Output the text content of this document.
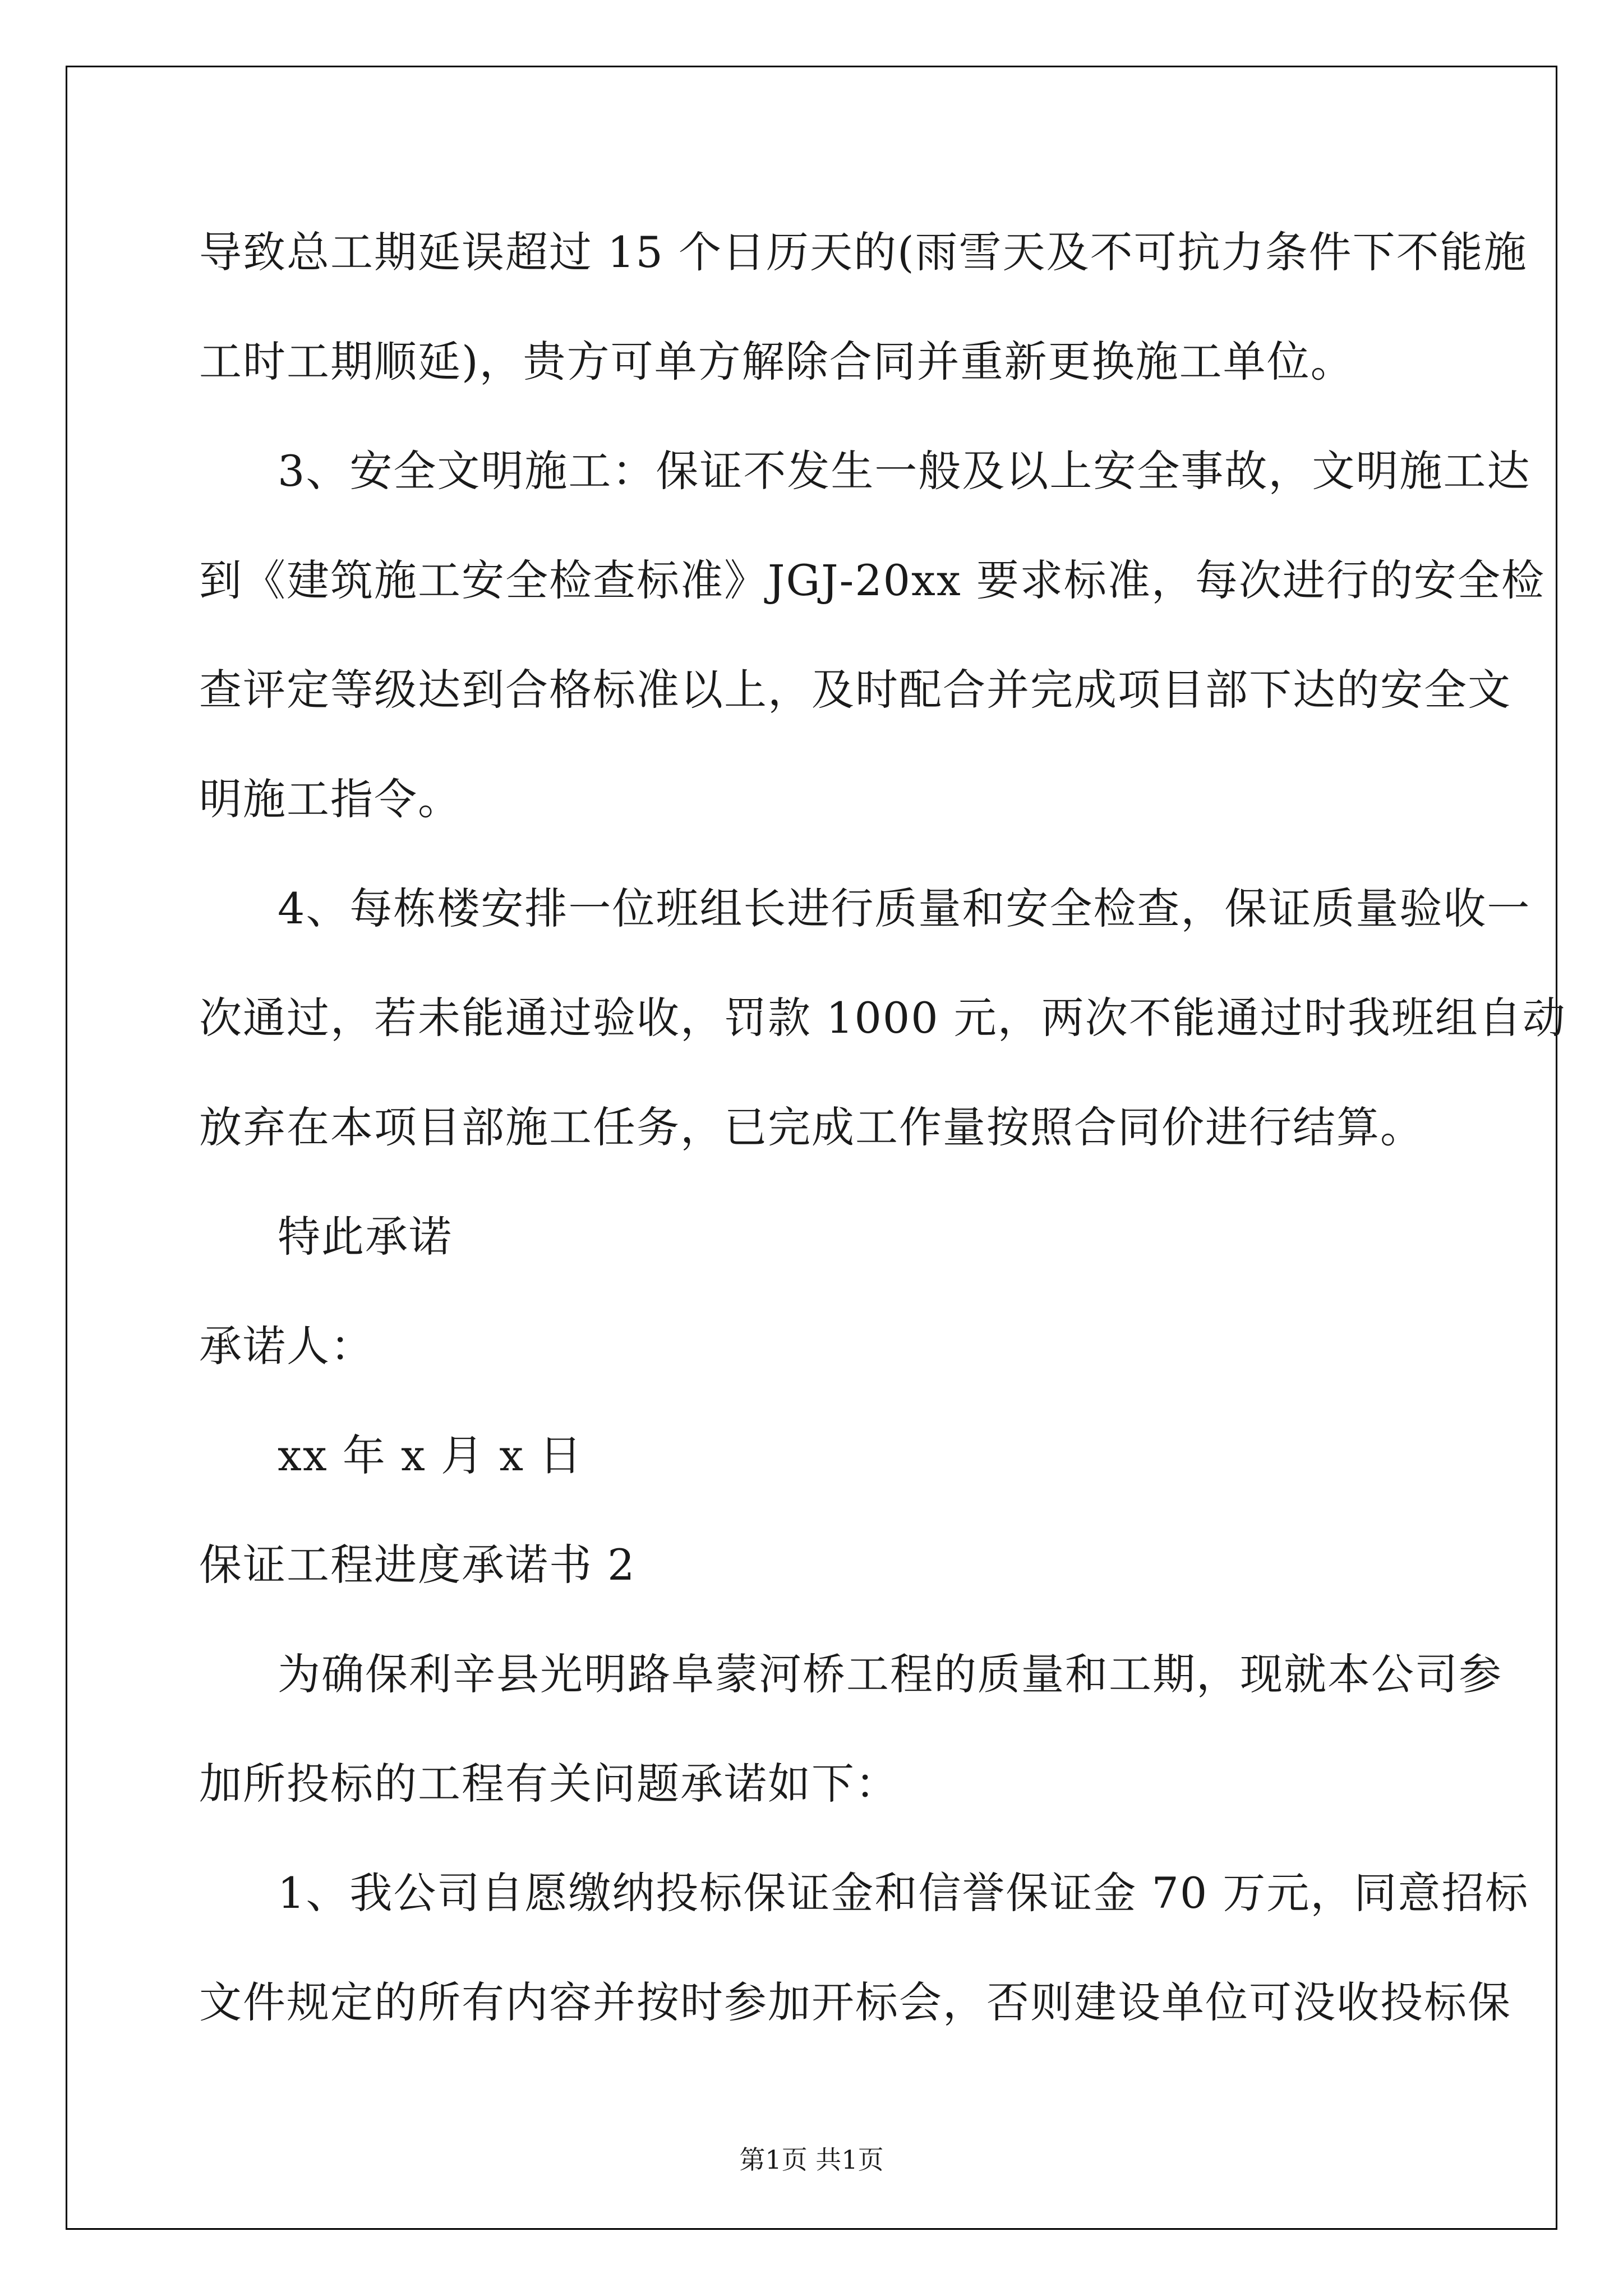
导致总工期延误超过 15 个日历天的(雨雪天及不可抗力条件下不能施
工时工期顺延)，贵方可单方解除合同并重新更换施工单位。
3、安全文明施工：保证不发生一般及以上安全事故，文明施工达
到《建筑施工安全检查标准》JGJ-20xx 要求标准，每次进行的安全检
查评定等级达到合格标准以上，及时配合并完成项目部下达的安全文
明施工指令。
4、每栋楼安排一位班组长进行质量和安全检查，保证质量验收一
次通过，若未能通过验收，罚款 1000 元，两次不能通过时我班组自动
放弃在本项目部施工任务，已完成工作量按照合同价进行结算。
特此承诺
承诺人：
xx 年 x 月 x 日
保证工程进度承诺书 2
为确保利辛县光明路阜蒙河桥工程的质量和工期，现就本公司参
加所投标的工程有关问题承诺如下：
1、我公司自愿缴纳投标保证金和信誉保证金 70 万元，同意招标
文件规定的所有内容并按时参加开标会，否则建设单位可没收投标保
第1页 共1页
